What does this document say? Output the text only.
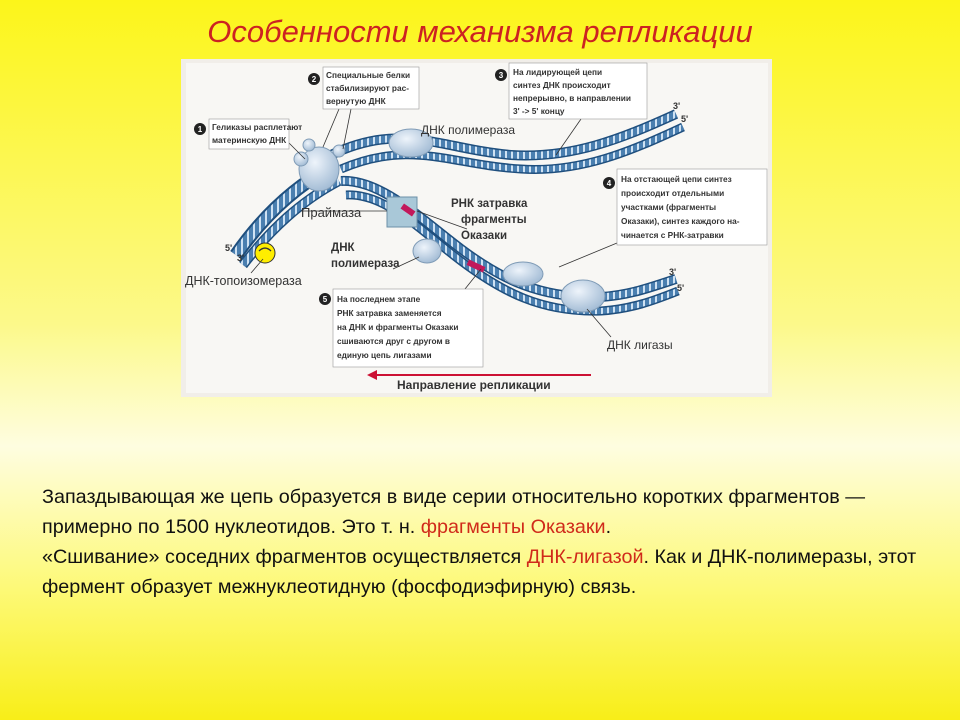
Особенности механизма репликации
1 Геликазы расплетают материнскую ДНК
2 Специальные белки стабилизируют рас- вернутую ДНК
3 На лидирующей цепи синтез ДНК происходит непрерывно, в направлении 3' -> 5' концу
4 На отстающей цепи синтез происходит отдельными участками (фрагменты Оказаки), синтез каждого на- чинается с РНК-затравки
5 На последнем этапе РНК затравка заменяется на ДНК и фрагменты Оказаки сшиваются друг с другом в единую цепь лигазами
ДНК полимераза
Праймаза
РНК затравка фрагменты Оказаки
ДНК полимераза
ДНК-топоизомераза
ДНК лигазы
5'
3'
3'
5'
3'
5'
Направление репликации
Запаздывающая же цепь образуется в виде серии относительно коротких фрагментов — примерно по 1500 нуклеотидов. Это т. н. фрагменты Оказаки.
«Сшивание» соседних фрагментов осуществляется ДНК-лигазой. Как и ДНК-полимеразы, этот фермент образует межнуклеотидную (фосфодиэфирную) связь.
